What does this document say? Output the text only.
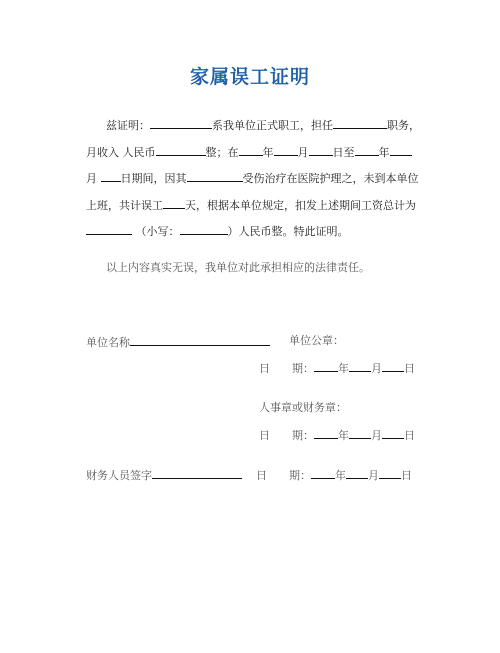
家属误工证明
兹证明：	系我单位正式职工，担任	职务，
月收入 人民币	整；在 年 月 日至 年
月 日期间，因其	受伤治疗在医院护理之，未到本单位
上班，共计误工 天，根据本单位规定，扣发上述期间工资总计为
（小写：	）人民币整。特此证明。
以上内容真实无误，我单位对此承担相应的法律责任。
单位名称	单位公章：
日　　期： 年 月 日
人事章或财务章：
日　　期： 年 月 日
财务人员签字	日　　期： 年 月 日
